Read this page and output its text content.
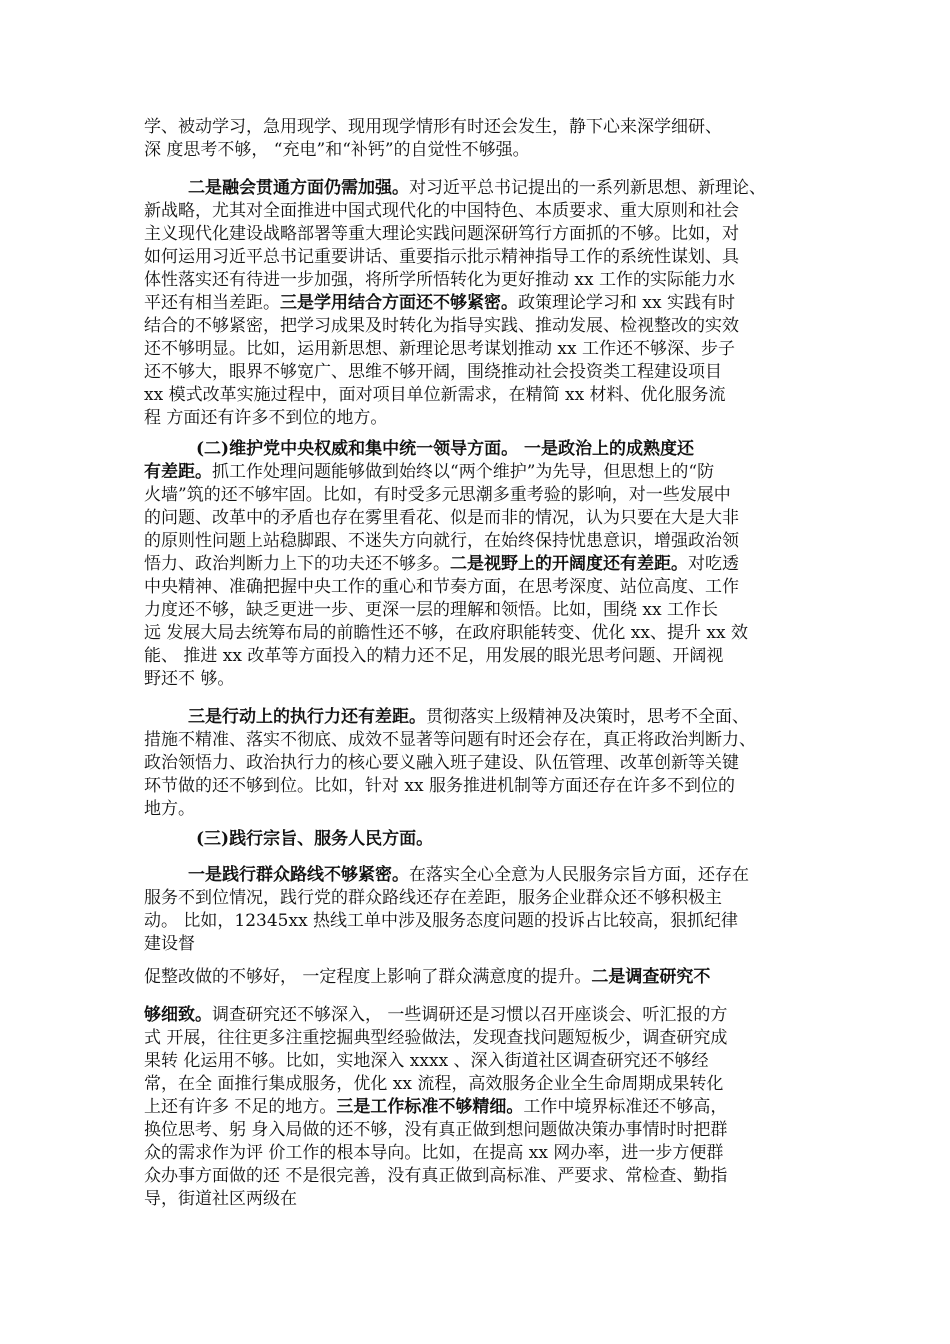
学、被动学习，急用现学、现用现学情形有时还会发生，静下心来深学细研、
深 度思考不够， “充电”和“补钙”的自觉性不够强。
二是融会贯通方面仍需加强。对习近平总书记提出的一系列新思想、新理论、
新战略，尤其对全面推进中国式现代化的中国特色、本质要求、重大原则和社会
主义现代化建设战略部署等重大理论实践问题深研笃行方面抓的不够。比如，对
如何运用习近平总书记重要讲话、重要指示批示精神指导工作的系统性谋划、具
体性落实还有待进一步加强，将所学所悟转化为更好推动 xx 工作的实际能力水
平还有相当差距。三是学用结合方面还不够紧密。政策理论学习和 xx 实践有时
结合的不够紧密，把学习成果及时转化为指导实践、推动发展、检视整改的实效
还不够明显。比如，运用新思想、新理论思考谋划推动 xx 工作还不够深、步子
还不够大，眼界不够宽广、思维不够开阔，围绕推动社会投资类工程建设项目
xx 模式改革实施过程中，面对项目单位新需求，在精简 xx 材料、优化服务流
程 方面还有许多不到位的地方。
(二)维护党中央权威和集中统一领导方面。 一是政治上的成熟度还
有差距。抓工作处理问题能够做到始终以“两个维护”为先导，但思想上的“防
火墙”筑的还不够牢固。比如，有时受多元思潮多重考验的影响，对一些发展中
的问题、改革中的矛盾也存在雾里看花、似是而非的情况，认为只要在大是大非
的原则性问题上站稳脚跟、不迷失方向就行，在始终保持忧患意识，增强政治领
悟力、政治判断力上下的功夫还不够多。二是视野上的开阔度还有差距。对吃透
中央精神、准确把握中央工作的重心和节奏方面，在思考深度、站位高度、工作
力度还不够，缺乏更进一步、更深一层的理解和领悟。比如，围绕 xx 工作长
远 发展大局去统筹布局的前瞻性还不够，在政府职能转变、优化 xx、提升 xx 效
能、 推进 xx 改革等方面投入的精力还不足，用发展的眼光思考问题、开阔视
野还不 够。
三是行动上的执行力还有差距。贯彻落实上级精神及决策时，思考不全面、
措施不精准、落实不彻底、成效不显著等问题有时还会存在，真正将政治判断力、
政治领悟力、政治执行力的核心要义融入班子建设、队伍管理、改革创新等关键
环节做的还不够到位。比如，针对 xx 服务推进机制等方面还存在许多不到位的
地方。
(三)践行宗旨、服务人民方面。
一是践行群众路线不够紧密。在落实全心全意为人民服务宗旨方面，还存在
服务不到位情况，践行党的群众路线还存在差距，服务企业群众还不够积极主
动。 比如，12345xx 热线工单中涉及服务态度问题的投诉占比较高，狠抓纪律
建设督
促整改做的不够好， 一定程度上影响了群众满意度的提升。二是调查研究不
够细致。调查研究还不够深入， 一些调研还是习惯以召开座谈会、听汇报的方
式 开展，往往更多注重挖掘典型经验做法，发现查找问题短板少，调查研究成
果转 化运用不够。比如，实地深入 xxxx 、深入街道社区调查研究还不够经
常，在全 面推行集成服务，优化 xx 流程，高效服务企业全生命周期成果转化
上还有许多 不足的地方。三是工作标准不够精细。工作中境界标准还不够高，
换位思考、躬 身入局做的还不够，没有真正做到想问题做决策办事情时时把群
众的需求作为评 价工作的根本导向。比如，在提高 xx 网办率，进一步方便群
众办事方面做的还 不是很完善，没有真正做到高标准、严要求、常检查、勤指
导，街道社区两级在
